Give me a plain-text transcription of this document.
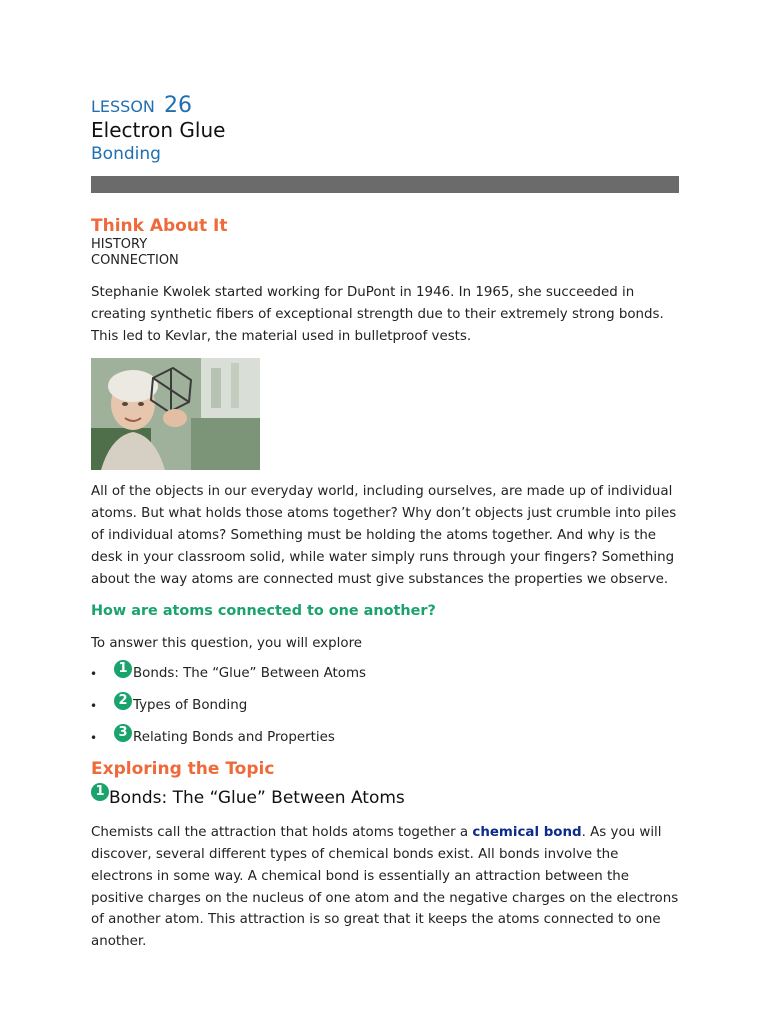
LESSON 26
Electron Glue
Bonding
Think About It
HISTORY
CONNECTION

Stephanie Kwolek started working for DuPont in 1946. In 1965, she succeeded in creating synthetic fibers of exceptional strength due to their extremely strong bonds. This led to Kevlar, the material used in bulletproof vests.

All of the objects in our everyday world, including ourselves, are made up of individual atoms. But what holds those atoms together? Why don’t objects just crumble into piles of individual atoms? Something must be holding the atoms together. And why is the desk in your classroom solid, while water simply runs through your fingers? Something about the way atoms are connected must give substances the properties we observe.

How are atoms connected to one another?

To answer this question, you will explore

•	1 Bonds: The “Glue” Between Atoms
•	2 Types of Bonding
•	3 Relating Bonds and Properties
Exploring the Topic
1 Bonds: The “Glue” Between Atoms

Chemists call the attraction that holds atoms together a chemical bond. As you will discover, several different types of chemical bonds exist. All bonds involve the electrons in some way. A chemical bond is essentially an attraction between the positive charges on the nucleus of one atom and the negative charges on the electrons of another atom. This attraction is so great that it keeps the atoms connected to one another.
